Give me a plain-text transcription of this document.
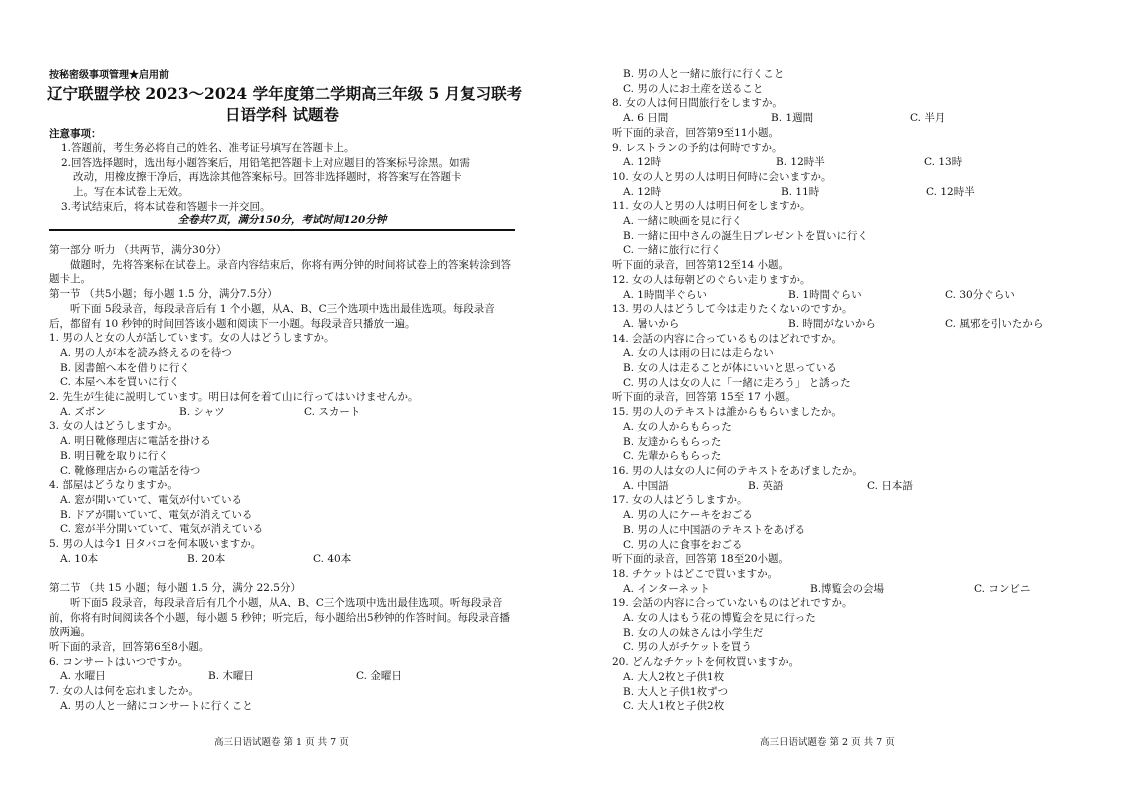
按秘密级事项管理★启用前
辽宁联盟学校 2023～2024 学年度第二学期高三年级 5 月复习联考
日语学科 试题卷
注意事项：
1.答题前，考生务必将自己的姓名、准考证号填写在答题卡上。
2.回答选择题时，选出每小题答案后，用铅笔把答题卡上对应题目的答案标号涂黑。如需
改动，用橡皮擦干净后，再选涂其他答案标号。回答非选择题时，将答案写在答题卡
上。写在本试卷上无效。
3.考试结束后，将本试卷和答题卡一并交回。
全卷共7页，满分150分，考试时间120分钟
第一部分 听力 （共两节，满分30分）
做题时，先将答案标在试卷上。录音内容结束后，你将有两分钟的时间将试卷上的答案转涂到答题卡上。
第一节 （共5小题；每小题 1.5 分，满分7.5分）
听下面 5段录音，每段录音后有 1 个小题，从A、B、C三个选项中选出最佳选项。每段录音后，都留有 10 秒钟的时间回答该小题和阅读下一小题。每段录音只播放一遍。
1. 男の人と女の人が話しています。女の人はどうしますか。
A. 男の人が本を読み終えるのを待つ
B. 図書館へ本を借りに行く
C. 本屋へ本を買いに行く
2. 先生が生徒に説明しています。明日は何を着て山に行ってはいけませんか。
A. ズボン	B. シャツ	C. スカート
3. 女の人はどうしますか。
A. 明日靴修理店に電話を掛ける
B. 明日靴を取りに行く
C. 靴修理店からの電話を待つ
4. 部屋はどうなりますか。
A. 窓が開いていて、電気が付いている
B. ドアが開いていて、電気が消えている
C. 窓が半分開いていて、電気が消えている
5. 男の人は今1 日タバコを何本吸いますか。
A. 10本	B. 20本	C. 40本
第二节 （共 15 小题；每小题 1.5 分，满分 22.5分）
听下面5 段录音，每段录音后有几个小题，从A、B、C三个选项中选出最佳选项。听每段录音前，你将有时间阅读各个小题，每小题 5 秒钟；听完后，每小题给出5秒钟的作答时间。每段录音播放两遍。
听下面的录音，回答第6至8小题。
6. コンサートはいつですか。
A. 水曜日	B. 木曜日	C. 金曜日
7. 女の人は何を忘れましたか。
A. 男の人と一緒にコンサートに行くこと
B. 男の人と一緒に旅行に行くこと
C. 男の人にお土産を送ること
8. 女の人は何日間旅行をしますか。
A. 6 日間	B. 1週間	C. 半月
听下面的录音，回答第9至11小题。
9. レストランの予約は何時ですか。
A. 12時	B. 12時半	C. 13時
10. 女の人と男の人は明日何時に会いますか。
A. 12時	B. 11時	C. 12時半
11. 女の人と男の人は明日何をしますか。
A. 一緒に映画を見に行く
B. 一緒に田中さんの誕生日プレゼントを買いに行く
C. 一緒に旅行に行く
听下面的录音，回答第12至14 小题。
12. 女の人は毎朝どのぐらい走りますか。
A. 1時間半ぐらい	B. 1時間ぐらい	C. 30分ぐらい
13. 男の人はどうして今は走りたくないのですか。
A. 暑いから	B. 時間がないから	C. 風邪を引いたから
14. 会話の内容に合っているものはどれですか。
A. 女の人は雨の日には走らない
B. 女の人は走ることが体にいいと思っている
C. 男の人は女の人に「一緒に走ろう」 と誘った
听下面的录音，回答第 15至 17 小题。
15. 男の人のテキストは誰からもらいましたか。
A. 女の人からもらった
B. 友達からもらった
C. 先輩からもらった
16. 男の人は女の人に何のテキストをあげましたか。
A. 中国語	B. 英語	C. 日本語
17. 女の人はどうしますか。
A. 男の人にケーキをおごる
B. 男の人に中国語のテキストをあげる
C. 男の人に食事をおごる
听下面的录音，回答第 18至20小题。
18. チケットはどこで買いますか。
A. インターネット	B.博覧会の会場	C. コンビニ
19. 会話の内容に合っていないものはどれですか。
A. 女の人はもう花の博覧会を見に行った
B. 女の人の妹さんは小学生だ
C. 男の人がチケットを買う
20. どんなチケットを何枚買いますか。
A. 大人2枚と子供1枚
B. 大人と子供1枚ずつ
C. 大人1枚と子供2枚
高三日语试题卷 第 1 页 共 7 页	高三日语试题卷 第 2 页 共 7 页
